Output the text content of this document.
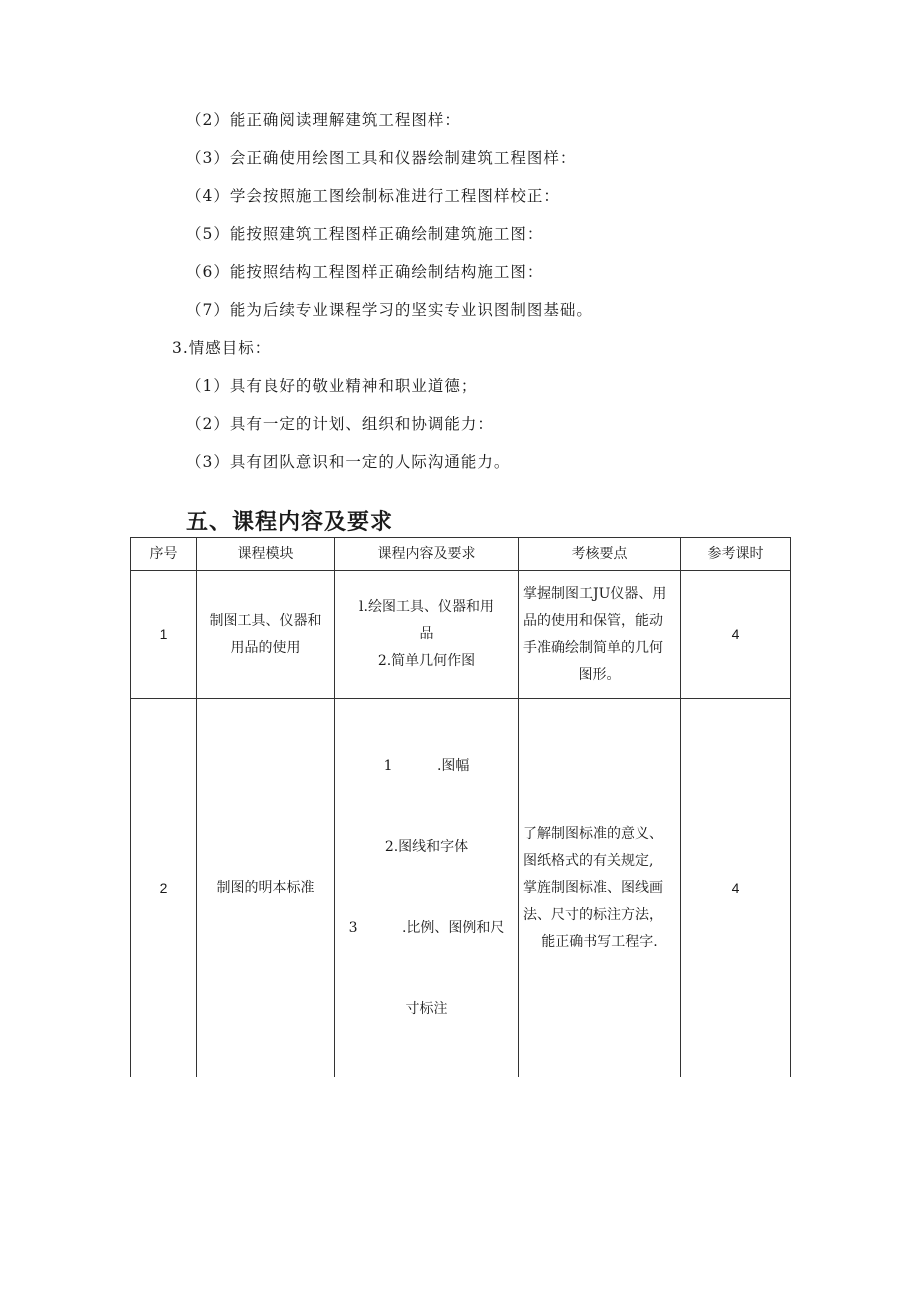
（2）能正确阅读理解建筑工程图样：
（3）会正确使用绘图工具和仪器绘制建筑工程图样：
（4）学会按照施工图绘制标准进行工程图样校正：
（5）能按照建筑工程图样正确绘制建筑施工图：
（6）能按照结构工程图样正确绘制结构施工图：
（7）能为后续专业课程学习的坚实专业识图制图基础。
3.情感目标：
（1）具有良好的敬业精神和职业道德；
（2）具有一定的计划、组织和协调能力：
（3）具有团队意识和一定的人际沟通能力。
五、课程内容及要求
序号	课程模块	课程内容及要求	考核要点	参考课时
1	制图工具、仪器和
用品的使用	l.绘图工具、仪器和用
品
2.简单几何作图	掌握制图工JU仪器、用
品的使用和保管，能动
手准确绘制简单的几何
图形。	4
2	制图的明本标准	1          .图幅

2.图线和字体

3          .比例、图例和尺

寸标注	了解制图标准的意义、
图纸格式的有关规定,
掌旌制图标准、图线画
法、尺寸的标注方法，
能正确书写工程字.	4
